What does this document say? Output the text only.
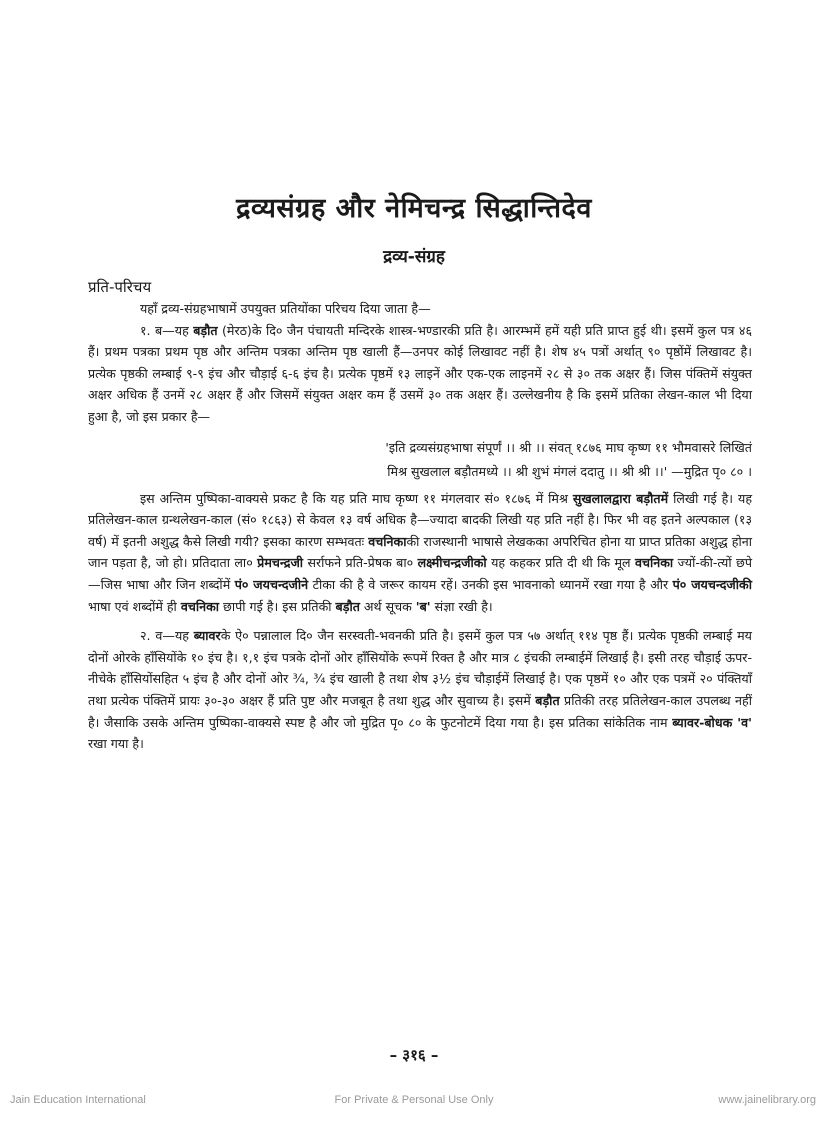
द्रव्यसंग्रह और नेमिचन्द्र सिद्धान्तिदेव
द्रव्य-संग्रह
प्रति-परिचय

यहाँ द्रव्य-संग्रहभाषामें उपयुक्त प्रतियोंका परिचय दिया जाता है—

१. ब—यह बड़ौत (मेरठ)के दि० जैन पंचायती मन्दिरके शास्त्र-भण्डारकी प्रति है। आरम्भमें हमें यही प्रति प्राप्त हुई थी। इसमें कुल पत्र ४६ हैं। प्रथम पत्रका प्रथम पृष्ठ और अन्तिम पत्रका अन्तिम पृष्ठ खाली हैं—उनपर कोई लिखावट नहीं है। शेष ४५ पत्रों अर्थात् ९० पृष्ठोंमें लिखावट है। प्रत्येक पृष्ठकी लम्बाई ९-९ इंच और चौड़ाई ६-६ इंच है। प्रत्येक पृष्ठमें १३ लाइनें और एक-एक लाइनमें २८ से ३० तक अक्षर हैं। जिस पंक्तिमें संयुक्त अक्षर अधिक हैं उनमें २८ अक्षर हैं और जिसमें संयुक्त अक्षर कम हैं उसमें ३० तक अक्षर हैं। उल्लेखनीय है कि इसमें प्रतिका लेखन-काल भी दिया हुआ है, जो इस प्रकार है—

'इति द्रव्यसंग्रहभाषा संपूर्णं ।। श्री ।। संवत् १८७६ माघ कृष्ण ११ भौमवासरे लिखितं
मिश्र सुखलाल बड़ौतमध्ये ।। श्री शुभं मंगलं ददातु ।। श्री श्री ।।' —मुद्रित पृ० ८० ।

इस अन्तिम पुष्पिका-वाक्यसे प्रकट है कि यह प्रति माघ कृष्ण ११ मंगलवार सं० १८७६ में मिश्र सुखलालद्वारा बड़ौतमें लिखी गई है। यह प्रतिलेखन-काल ग्रन्थलेखन-काल (सं० १८६३) से केवल १३ वर्ष अधिक है—ज्यादा बादकी लिखी यह प्रति नहीं है। फिर भी वह इतने अल्पकाल (१३ वर्ष) में इतनी अशुद्ध कैसे लिखी गयी? इसका कारण सम्भवतः वचनिकाकी राजस्थानी भाषासे लेखकका अपरिचित होना या प्राप्त प्रतिका अशुद्ध होना जान पड़ता है, जो हो। प्रतिदाता ला० प्रेमचन्द्रजी सर्राफने प्रति-प्रेषक बा० लक्ष्मीचन्द्रजीको यह कहकर प्रति दी थी कि मूल वचनिका ज्यों-की-त्यों छपे—जिस भाषा और जिन शब्दोंमें पं० जयचन्दजीने टीका की है वे जरूर कायम रहें। उनकी इस भावनाको ध्यानमें रखा गया है और पं० जयचन्दजीकी भाषा एवं शब्दोंमें ही वचनिका छापी गई है। इस प्रतिकी बड़ौत अर्थ सूचक 'ब' संज्ञा रखी है।

२. व—यह ब्यावरके ऐ० पन्नालाल दि० जैन सरस्वती-भवनकी प्रति है। इसमें कुल पत्र ५७ अर्थात् ११४ पृष्ठ हैं। प्रत्येक पृष्ठकी लम्बाई मय दोनों ओरके हाँसियोंके १० इंच है। १,१ इंच पत्रके दोनों ओर हाँसियोंके रूपमें रिक्त है और मात्र ८ इंचकी लम्बाईमें लिखाई है। इसी तरह चौड़ाई ऊपर-नीचेके हाँसियोंसहित ५ इंच है और दोनों ओर ¾, ¾ इंच खाली है तथा शेष ३½ इंच चौड़ाईमें लिखाई है। एक पृष्ठमें १० और एक पत्रमें २० पंक्तियाँ तथा प्रत्येक पंक्तिमें प्रायः ३०-३० अक्षर हैं प्रति पुष्ट और मजबूत है तथा शुद्ध और सुवाच्य है। इसमें बड़ौत प्रतिकी तरह प्रतिलेखन-काल उपलब्ध नहीं है। जैसाकि उसके अन्तिम पुष्पिका-वाक्यसे स्पष्ट है और जो मुद्रित पृ० ८० के फुटनोटमें दिया गया है। इस प्रतिका सांकेतिक नाम ब्यावर-बोधक 'व' रखा गया है।

– ३१६ –
Jain Education International	For Private & Personal Use Only	www.jainelibrary.org
